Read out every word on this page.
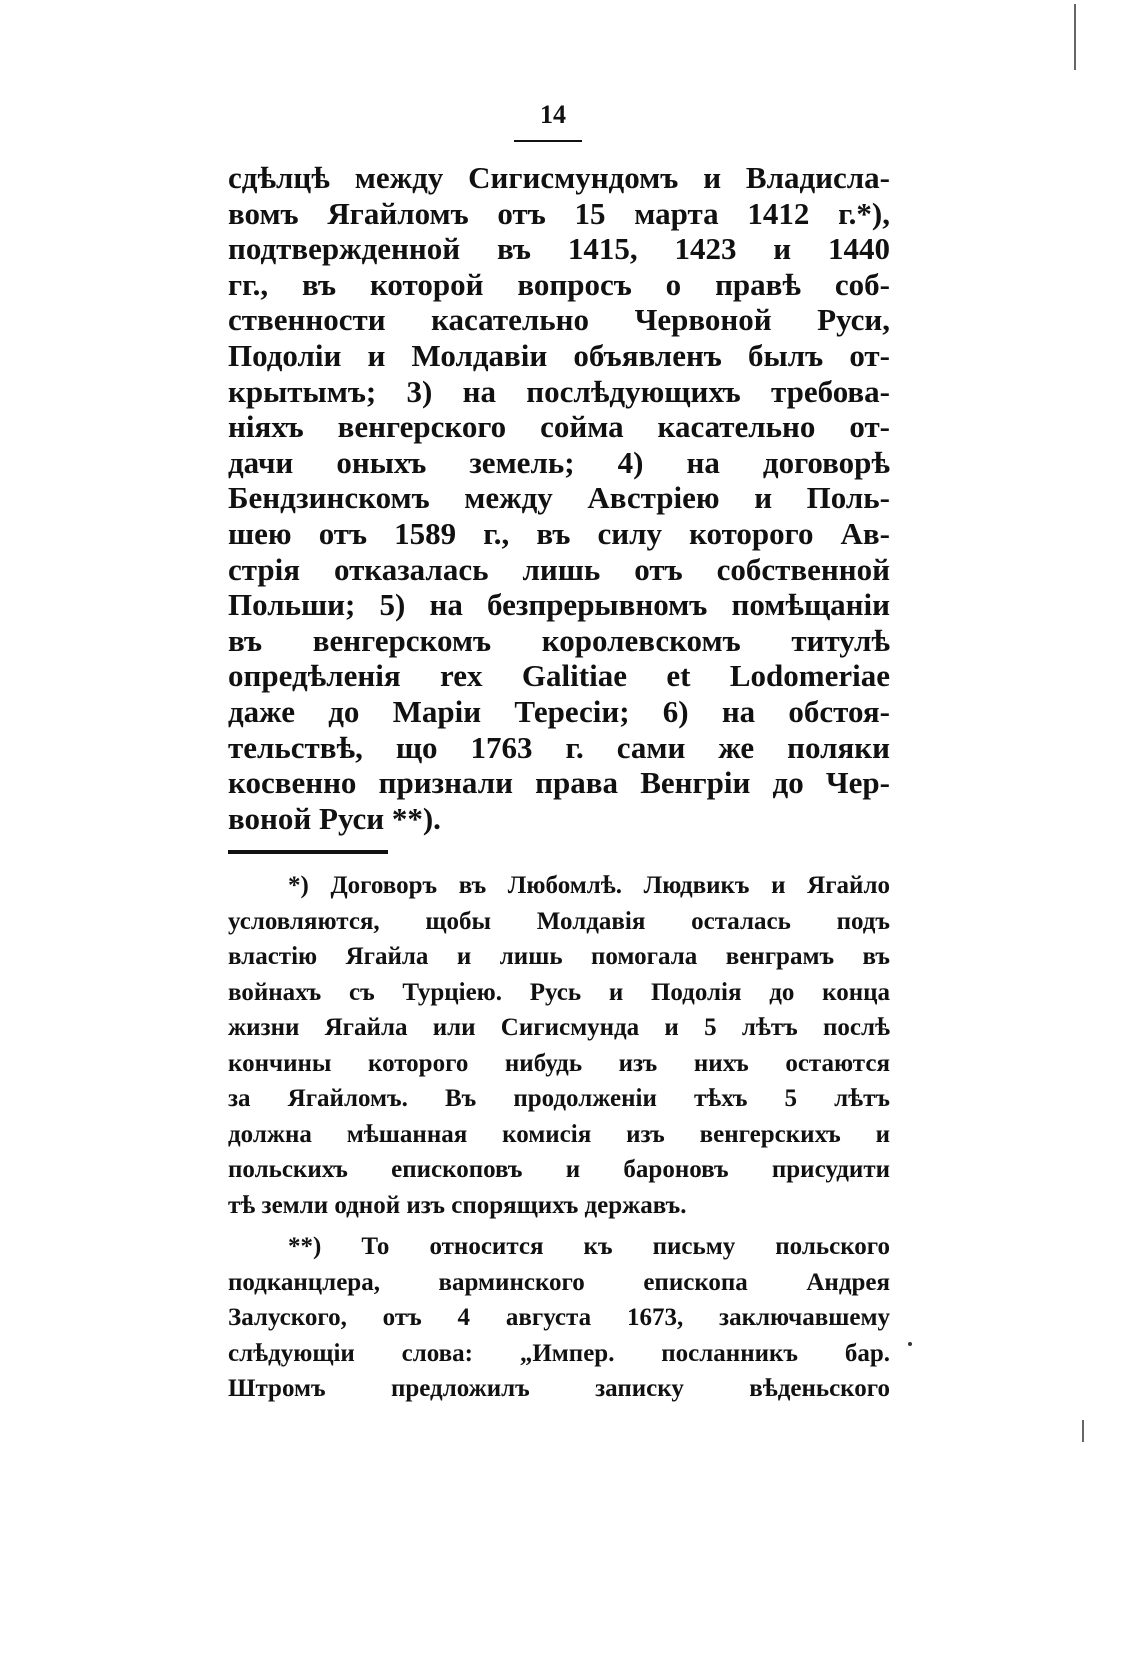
14
сдѣлцѣ между Сигисмундомъ и Владисла-
вомъ Ягайломъ отъ 15 марта 1412 г.*),
подтвержденной въ 1415, 1423 и 1440
гг., въ которой вопросъ о правѣ соб-
ственности касательно Червоной Руси,
Подоліи и Молдавіи объявленъ былъ от-
крытымъ; 3) на послѣдующихъ требова-
ніяхъ венгерского сойма касательно от-
дачи оныхъ земель; 4) на договорѣ
Бендзинскомъ между Австріею и Поль-
шею отъ 1589 г., въ силу которого Ав-
стрія отказалась лишь отъ собственной
Польши; 5) на безпрерывномъ помѣщаніи
въ венгерскомъ королевскомъ титулѣ
опредѣленія rex Galitiae et Lodomeriae
даже до Маріи Тересіи; 6) на обстоя-
тельствѣ, що 1763 г. сами же поляки
косвенно признали права Венгріи до Чер-
воной Руси **).
*) Договоръ въ Любомлѣ. Людвикъ и Ягайло
условляются, щобы Молдавія осталась подъ
властію Ягайла и лишь помогала венграмъ въ
войнахъ съ Турціею. Русь и Подолія до конца
жизни Ягайла или Сигисмунда и 5 лѣтъ послѣ
кончины которого нибудь изъ нихъ остаются
за Ягайломъ. Въ продолженіи тѣхъ 5 лѣтъ
должна мѣшанная комисія изъ венгерскихъ и
польскихъ епископовъ и бароновъ присудити
тѣ земли одной изъ спорящихъ державъ.
**) То относится къ письму польского
подканцлера, варминского епископа Андрея
Залуского, отъ 4 августа 1673, заключавшему
слѣдующіи слова: „Импер. посланникъ бар.
Штромъ предложилъ записку вѣденьского
